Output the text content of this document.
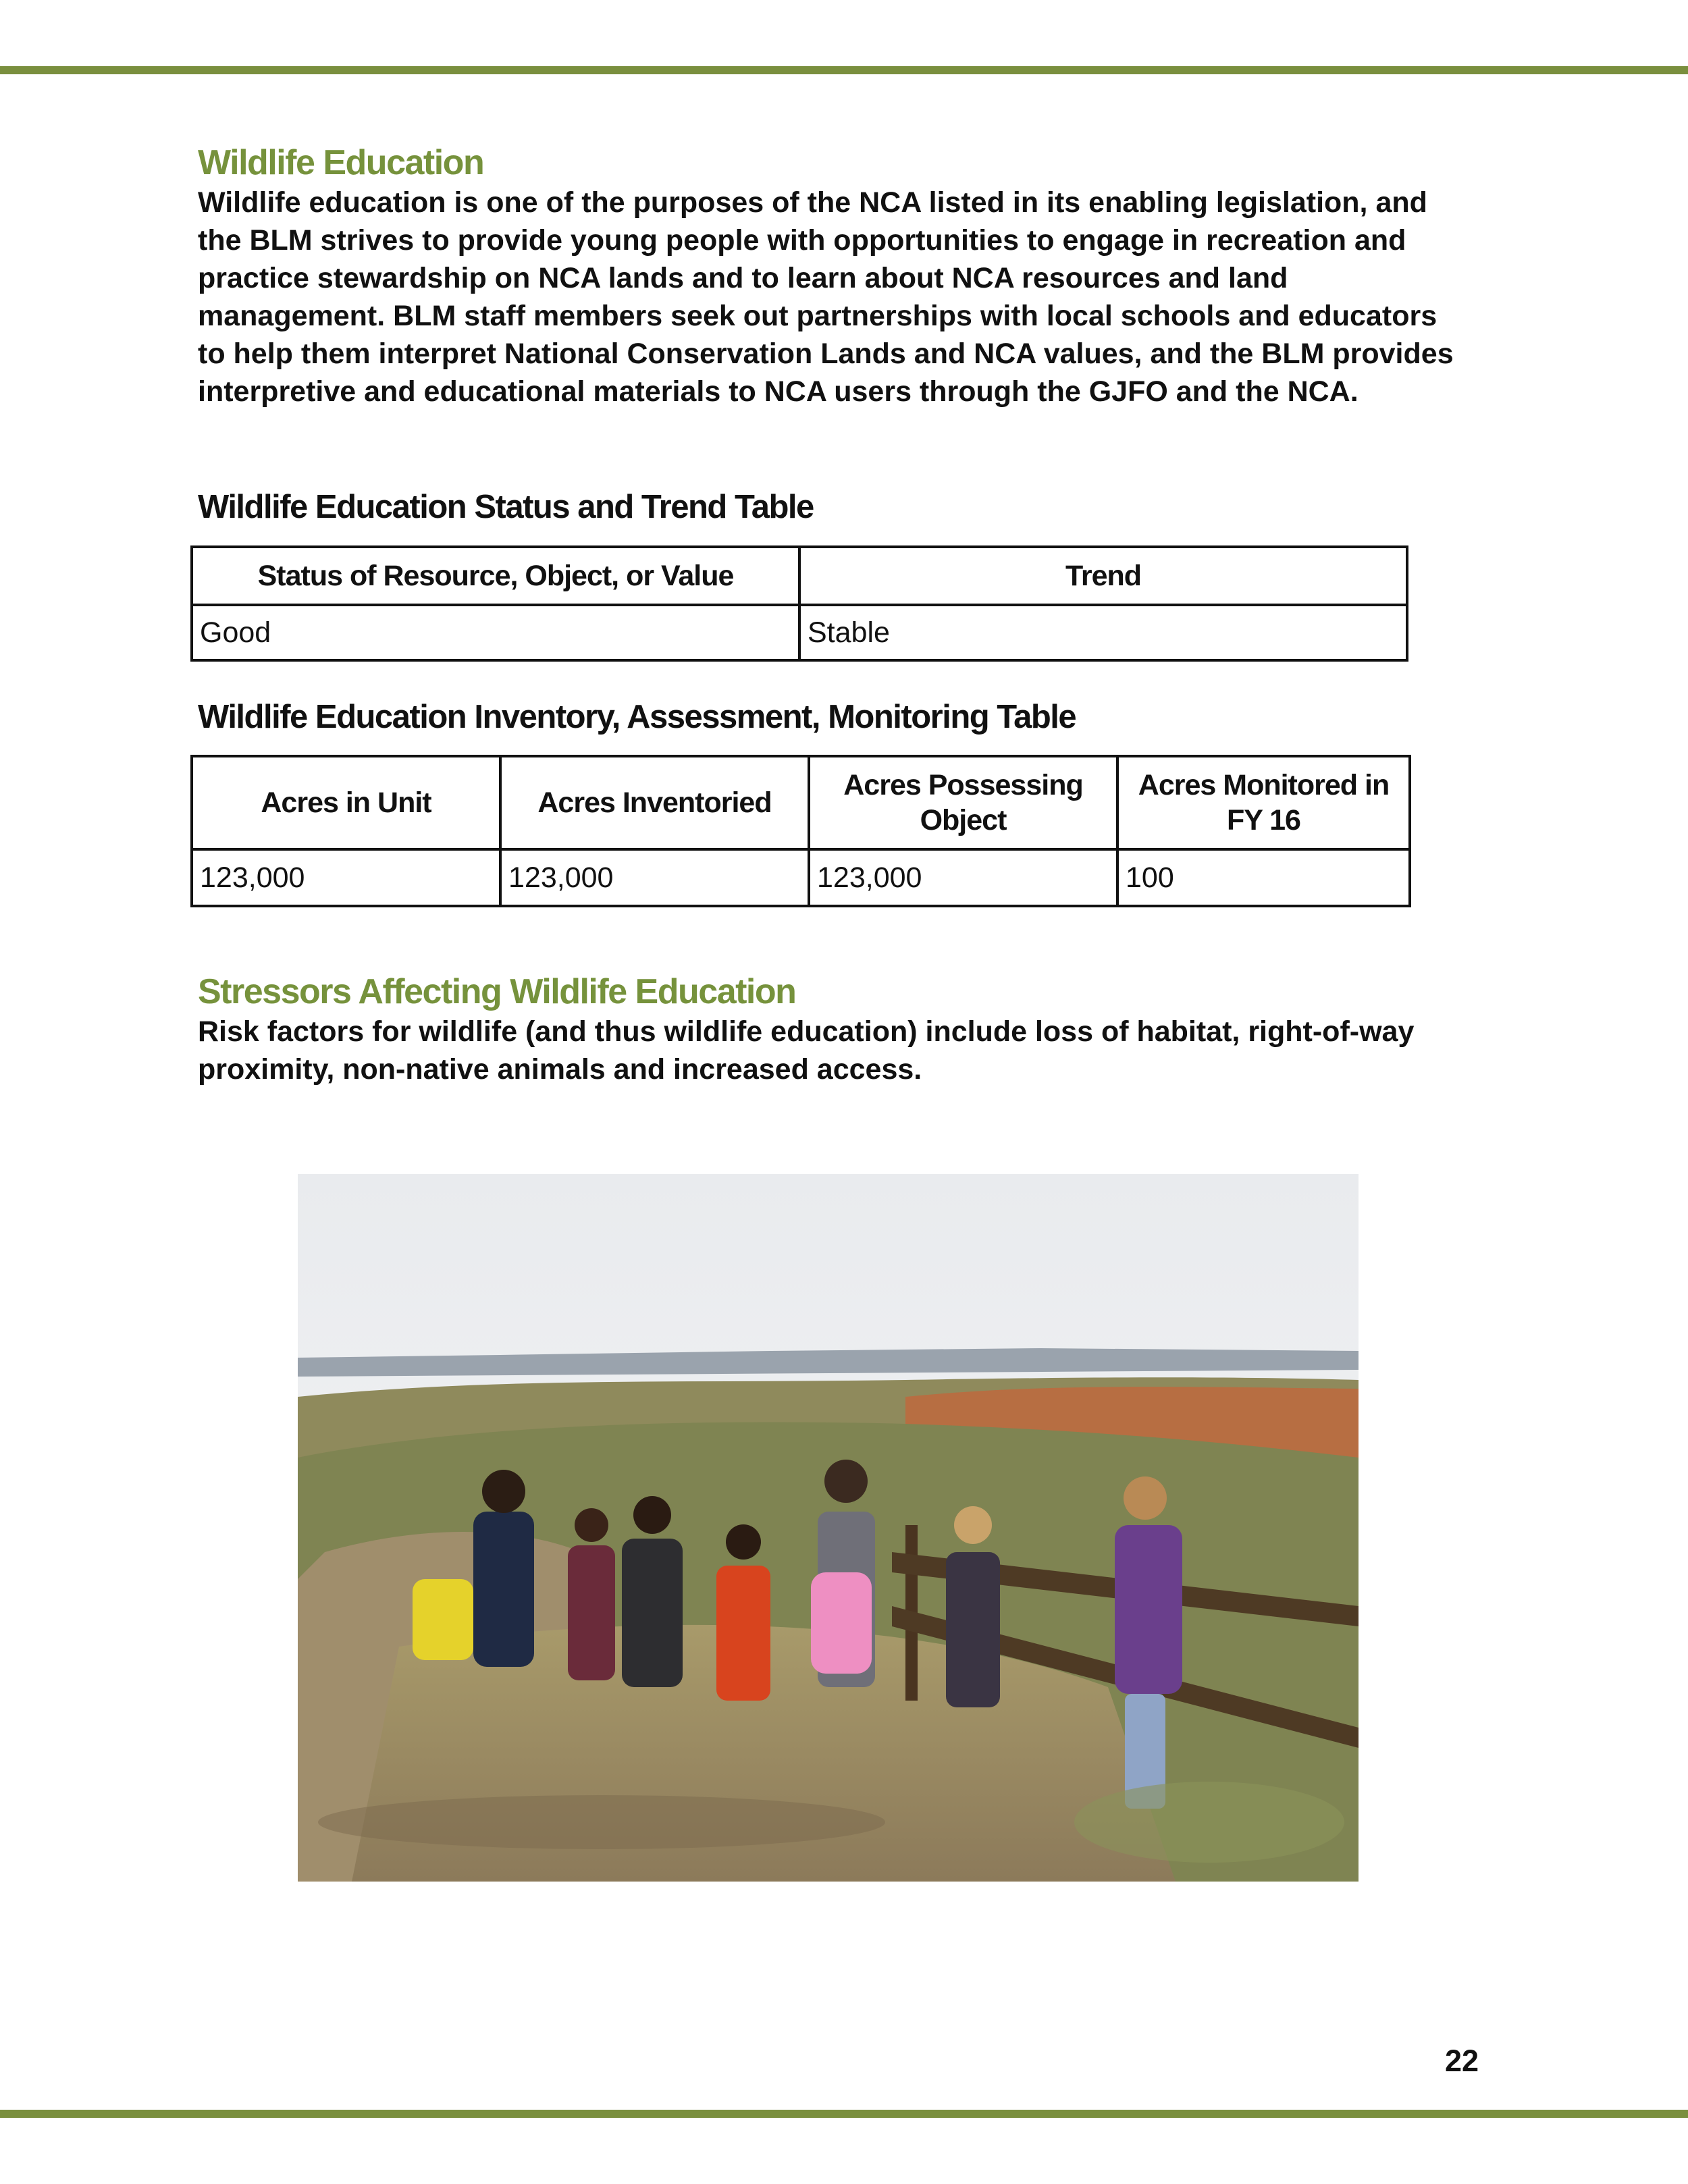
Wildlife Education

Wildlife education is one of the purposes of the NCA listed in its enabling legislation, and

the BLM strives to provide young people with opportunities to engage in recreation and

practice stewardship on NCA lands and to learn about NCA resources and land

management. BLM staff members seek out partnerships with local schools and educators

to help them interpret National Conservation Lands and NCA values, and the BLM provides

interpretive and educational materials to NCA users through the GJFO and the NCA.

Wildlife Education Status and Trend Table
Status of Resource, Object, or Value	Trend
Good	Stable
Wildlife Education Inventory, Assessment, Monitoring Table
Acres in Unit	Acres Inventoried	Acres Possessing Object	Acres Monitored in FY 16
123,000	123,000	123,000	100
Stressors Affecting Wildlife Education

Risk factors for wildlife (and thus wildlife education) include loss of habitat, right-of-way

proximity, non-native animals and increased access.

22
